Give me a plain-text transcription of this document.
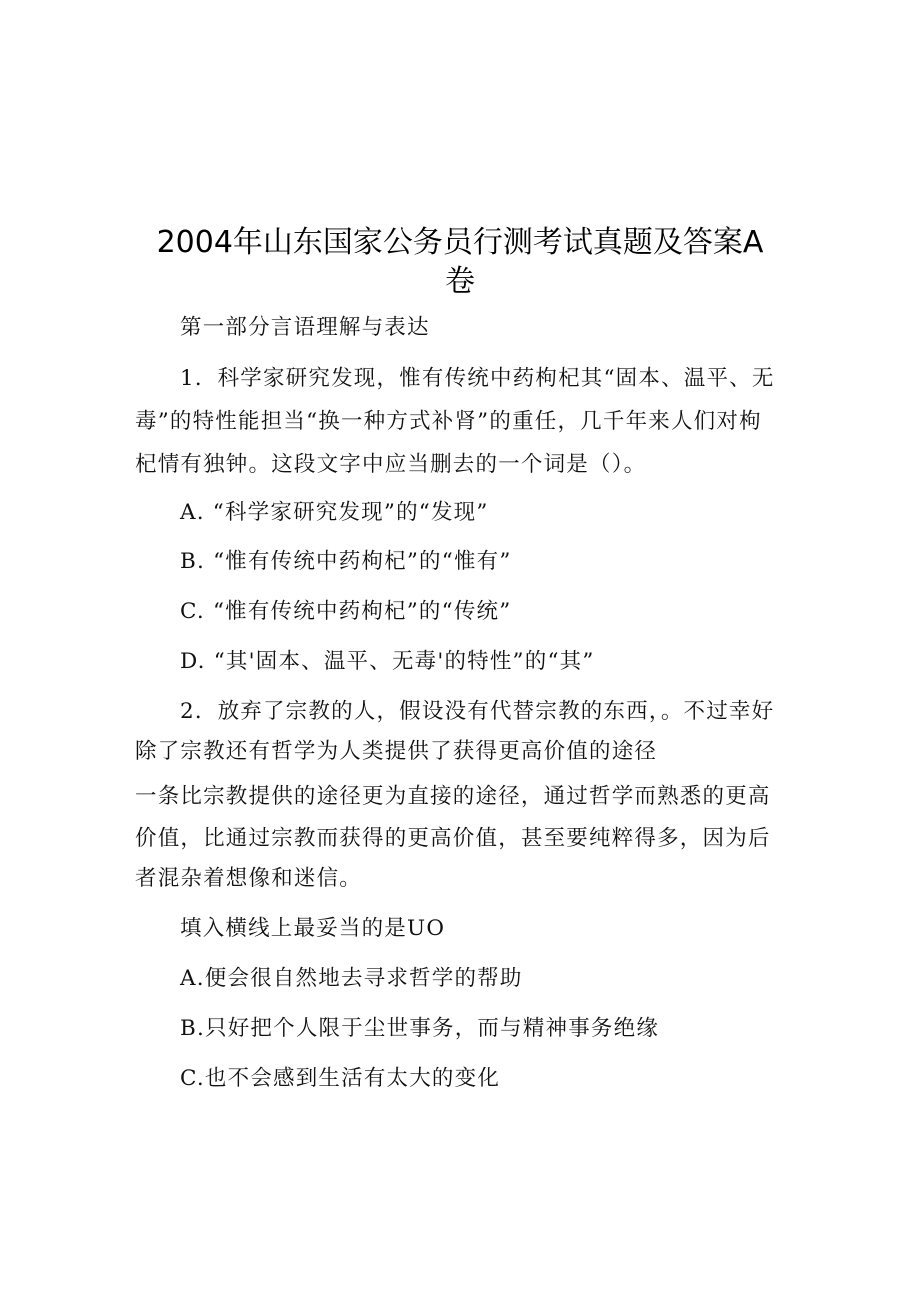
2004年山东国家公务员行测考试真题及答案A
卷

第一部分言语理解与表达

1．科学家研究发现，惟有传统中药枸杞其“固本、温平、无

毒”的特性能担当“换一种方式补肾”的重任，几千年来人们对枸

杞情有独钟。这段文字中应当删去的一个词是（）。

A. “科学家研究发现”的“发现”

B. “惟有传统中药枸杞”的“惟有”

C. “惟有传统中药枸杞”的“传统”

D. “其'固本、温平、无毒'的特性”的“其”

2．放弃了宗教的人，假设没有代替宗教的东西，。不过幸好

除了宗教还有哲学为人类提供了获得更高价值的途径

一条比宗教提供的途径更为直接的途径，通过哲学而熟悉的更高

价值，比通过宗教而获得的更高价值，甚至要纯粹得多，因为后

者混杂着想像和迷信。

填入横线上最妥当的是UO

A.便会很自然地去寻求哲学的帮助

B.只好把个人限于尘世事务，而与精神事务绝缘

C.也不会感到生活有太大的变化
